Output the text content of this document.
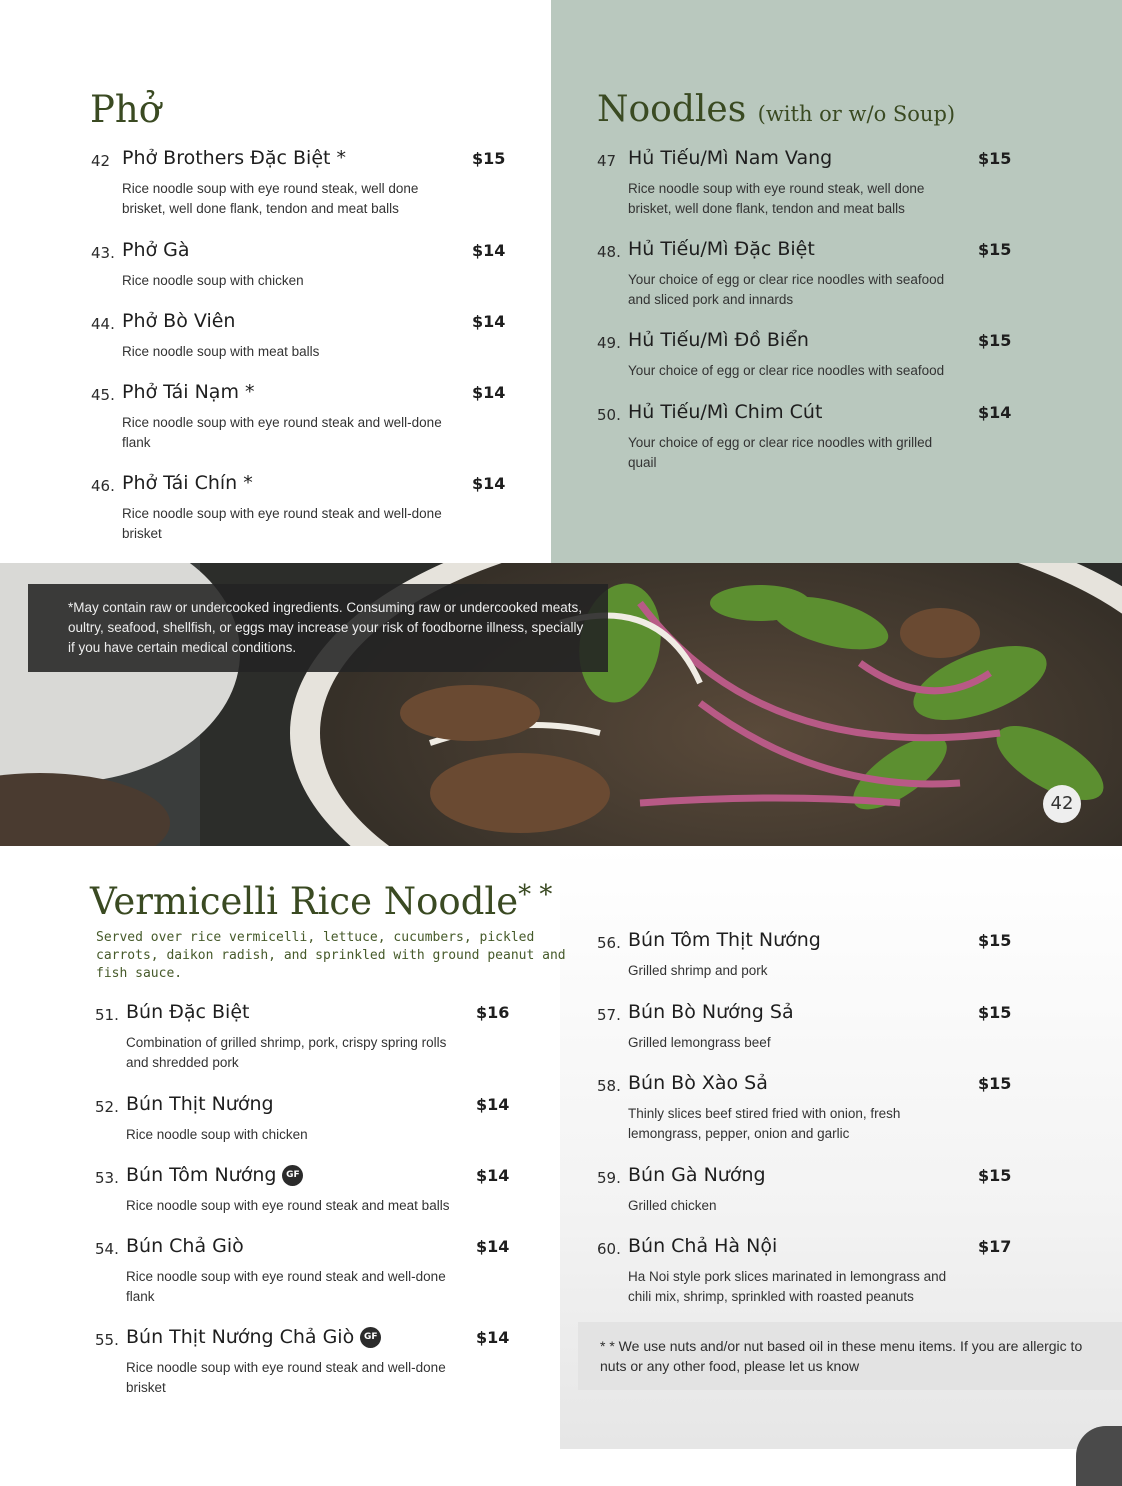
Phở
42 Phở Brothers Đặc Biệt *	$15
Rice noodle soup with eye round steak, well done brisket, well done flank, tendon and meat balls
43. Phở Gà	$14
Rice noodle soup with chicken
44. Phở Bò Viên	$14
Rice noodle soup with meat balls
45. Phở Tái Nạm *	$14
Rice noodle soup with eye round steak and well-done flank
46. Phở Tái Chín *	$14
Rice noodle soup with eye round steak and well-done brisket
Noodles (with or w/o Soup)
47 Hủ Tiếu/Mì Nam Vang	$15
Rice noodle soup with eye round steak, well done brisket, well done flank, tendon and meat balls
48. Hủ Tiếu/Mì Đặc Biệt	$15
Your choice of egg or clear rice noodles with seafood and sliced pork and innards
49. Hủ Tiếu/Mì Đồ Biển	$15
Your choice of egg or clear rice noodles with seafood
50. Hủ Tiếu/Mì Chim Cút	$14
Your choice of egg or clear rice noodles with grilled quail
*May contain raw or undercooked ingredients. Consuming raw or undercooked meats, oultry, seafood, shellfish, or eggs may increase your risk of foodborne illness, specially if you have certain medical conditions.
42
Vermicelli Rice Noodle* *
Served over rice vermicelli, lettuce, cucumbers, pickled carrots, daikon radish, and sprinkled with ground peanut and fish sauce.
51. Bún Đặc Biệt	$16
Combination of grilled shrimp, pork, crispy spring rolls and shredded pork
52. Bún Thịt Nướng	$14
Rice noodle soup with chicken
53. Bún Tôm Nướng GF	$14
Rice noodle soup with eye round steak and meat balls
54. Bún Chả Giò	$14
Rice noodle soup with eye round steak and well-done flank
55. Bún Thịt Nướng Chả Giò GF	$14
Rice noodle soup with eye round steak and well-done brisket
56. Bún Tôm Thịt Nướng	$15
Grilled shrimp and pork
57. Bún Bò Nướng Sả	$15
Grilled lemongrass beef
58. Bún Bò Xào Sả	$15
Thinly slices beef stired fried with onion, fresh lemongrass, pepper, onion and garlic
59. Bún Gà Nướng	$15
Grilled chicken
60. Bún Chả Hà Nội	$17
Ha Noi style pork slices marinated in lemongrass and chili mix, shrimp, sprinkled with roasted peanuts

* * We use nuts and/or nut based oil in these menu items. If you are allergic to nuts or any other food, please let us know
